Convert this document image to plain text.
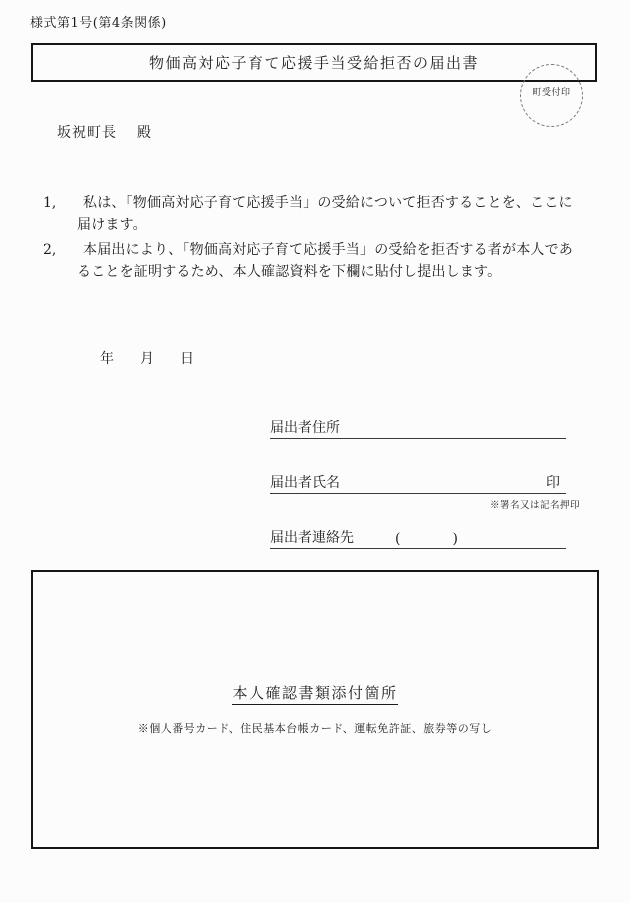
様式第1号(第4条関係)
物価高対応子育て応援手当受給拒否の届出書
町受付印
坂祝町長 殿
1,	私は、「物価高対応子育て応援手当」の受給について拒否することを、ここに届けます。
2,	本届出により、「物価高対応子育て応援手当」の受給を拒否する者が本人であることを証明するため、本人確認資料を下欄に貼付し提出します。
年 月 日
届出者住所
届出者氏名	印
※署名又は記名押印
届出者連絡先	(	)
本人確認書類添付箇所
※個人番号カード、住民基本台帳カード、運転免許証、旅券等の写し
